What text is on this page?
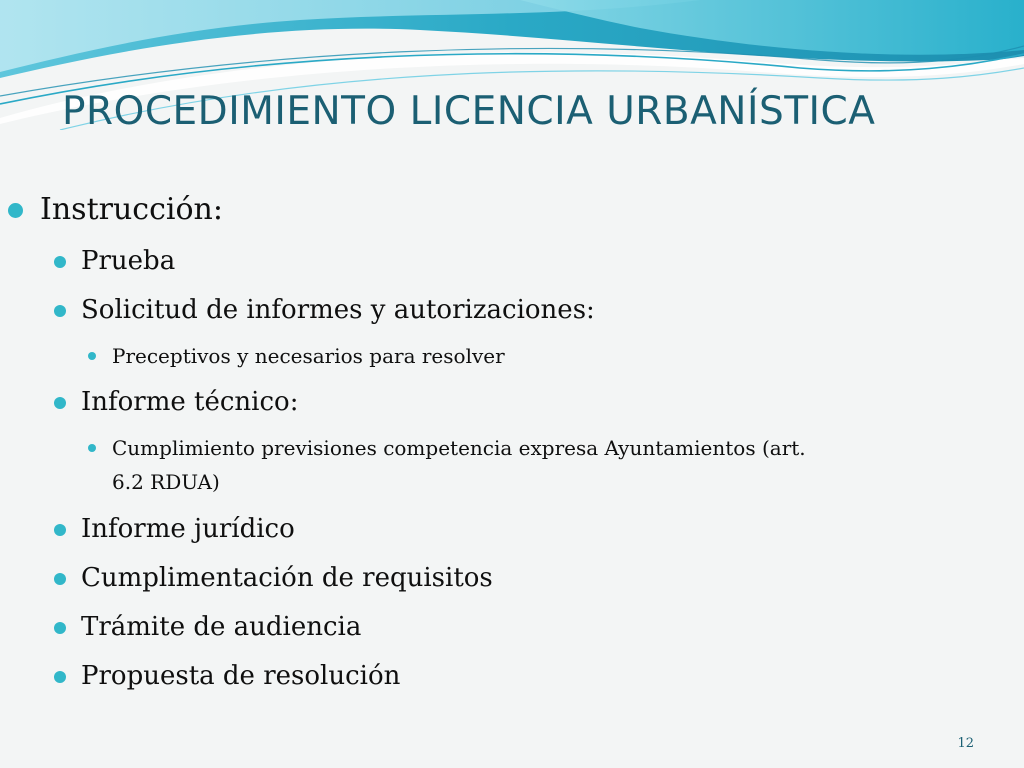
PROCEDIMIENTO LICENCIA URBANÍSTICA
Instrucción:
Prueba
Solicitud de informes y autorizaciones:
Preceptivos y necesarios para resolver
Informe técnico:
Cumplimiento previsiones competencia expresa Ayuntamientos (art.
6.2 RDUA)
Informe jurídico
Cumplimentación de requisitos
Trámite de audiencia
Propuesta de resolución
12
